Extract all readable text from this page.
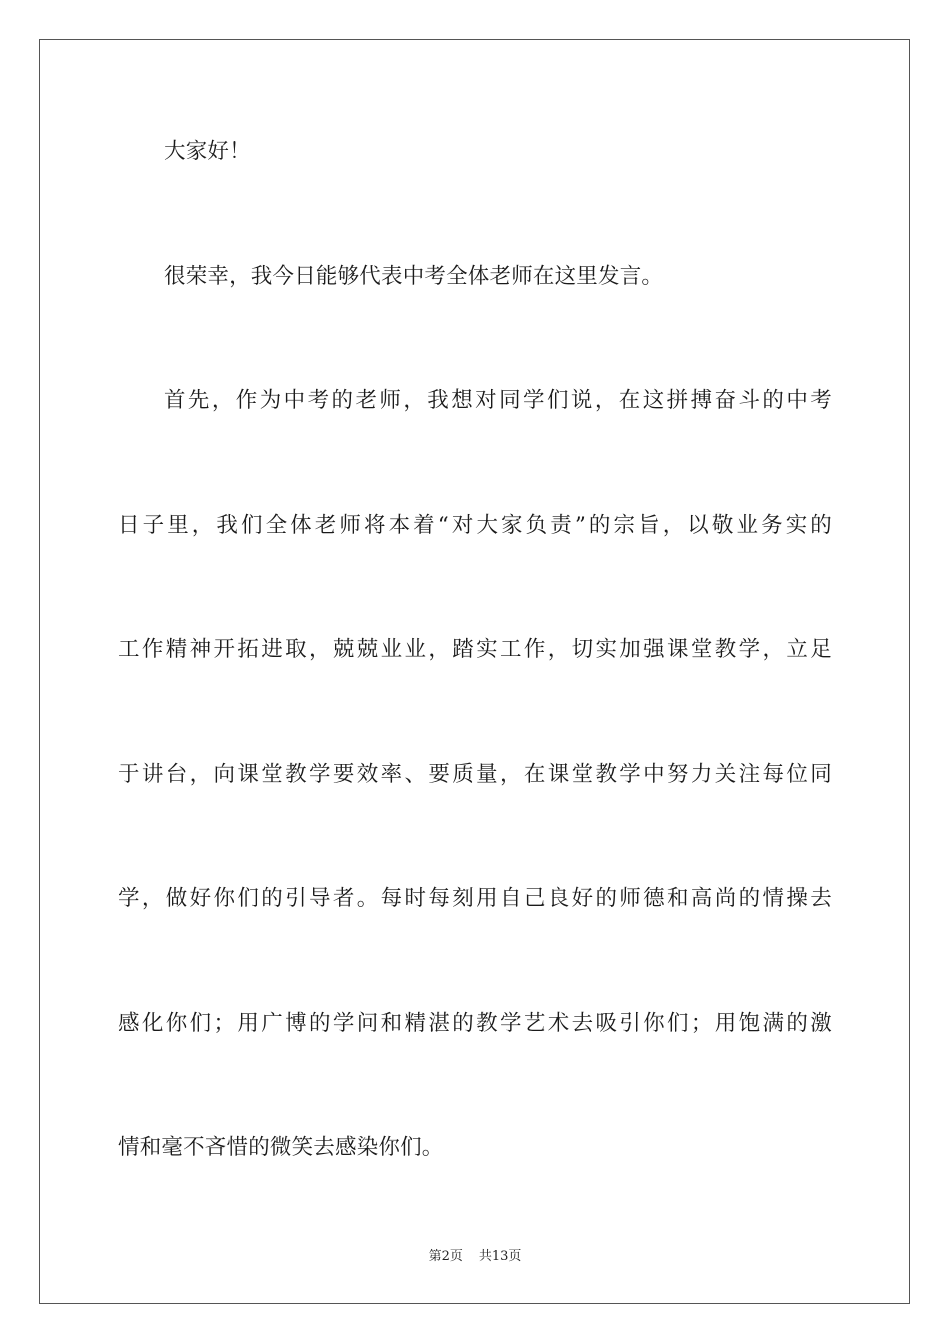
大家好！
很荣幸，我今日能够代表中考全体老师在这里发言。
首先，作为中考的老师，我想对同学们说，在这拼搏奋斗的中考
日子里，我们全体老师将本着“对大家负责”的宗旨，以敬业务实的
工作精神开拓进取，兢兢业业，踏实工作，切实加强课堂教学，立足
于讲台，向课堂教学要效率、要质量，在课堂教学中努力关注每位同
学，做好你们的引导者。每时每刻用自己良好的师德和高尚的情操去
感化你们；用广博的学问和精湛的教学艺术去吸引你们；用饱满的激
情和毫不吝惜的微笑去感染你们。
第2页 共13页
